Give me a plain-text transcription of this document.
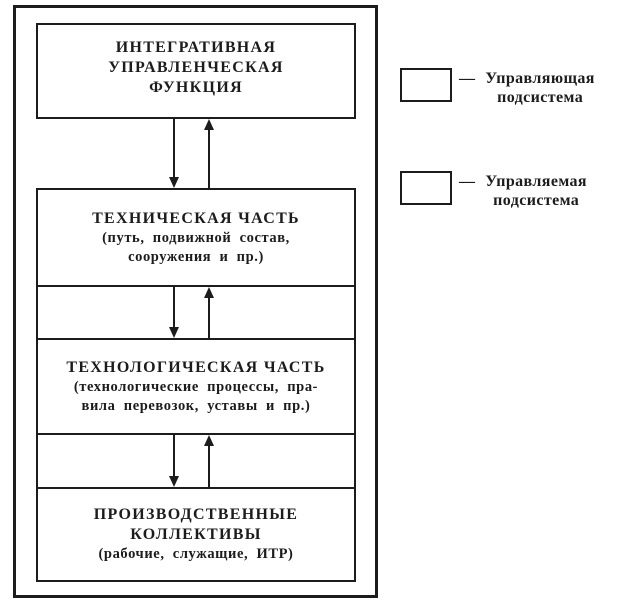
ИНТЕГРАТИВНАЯ
УПРАВЛЕНЧЕСКАЯ
ФУНКЦИЯ
ТЕХНИЧЕСКАЯ ЧАСТЬ
(путь, подвижной состав,
сооружения и пр.)
ТЕХНОЛОГИЧЕСКАЯ ЧАСТЬ
(технологические процессы, пра-
вила перевозок, уставы и пр.)
ПРОИЗВОДСТВЕННЫЕ
КОЛЛЕКТИВЫ
(рабочие, служащие, ИТР)
— Управляющая
подсистема
— Управляемая
подсистема
